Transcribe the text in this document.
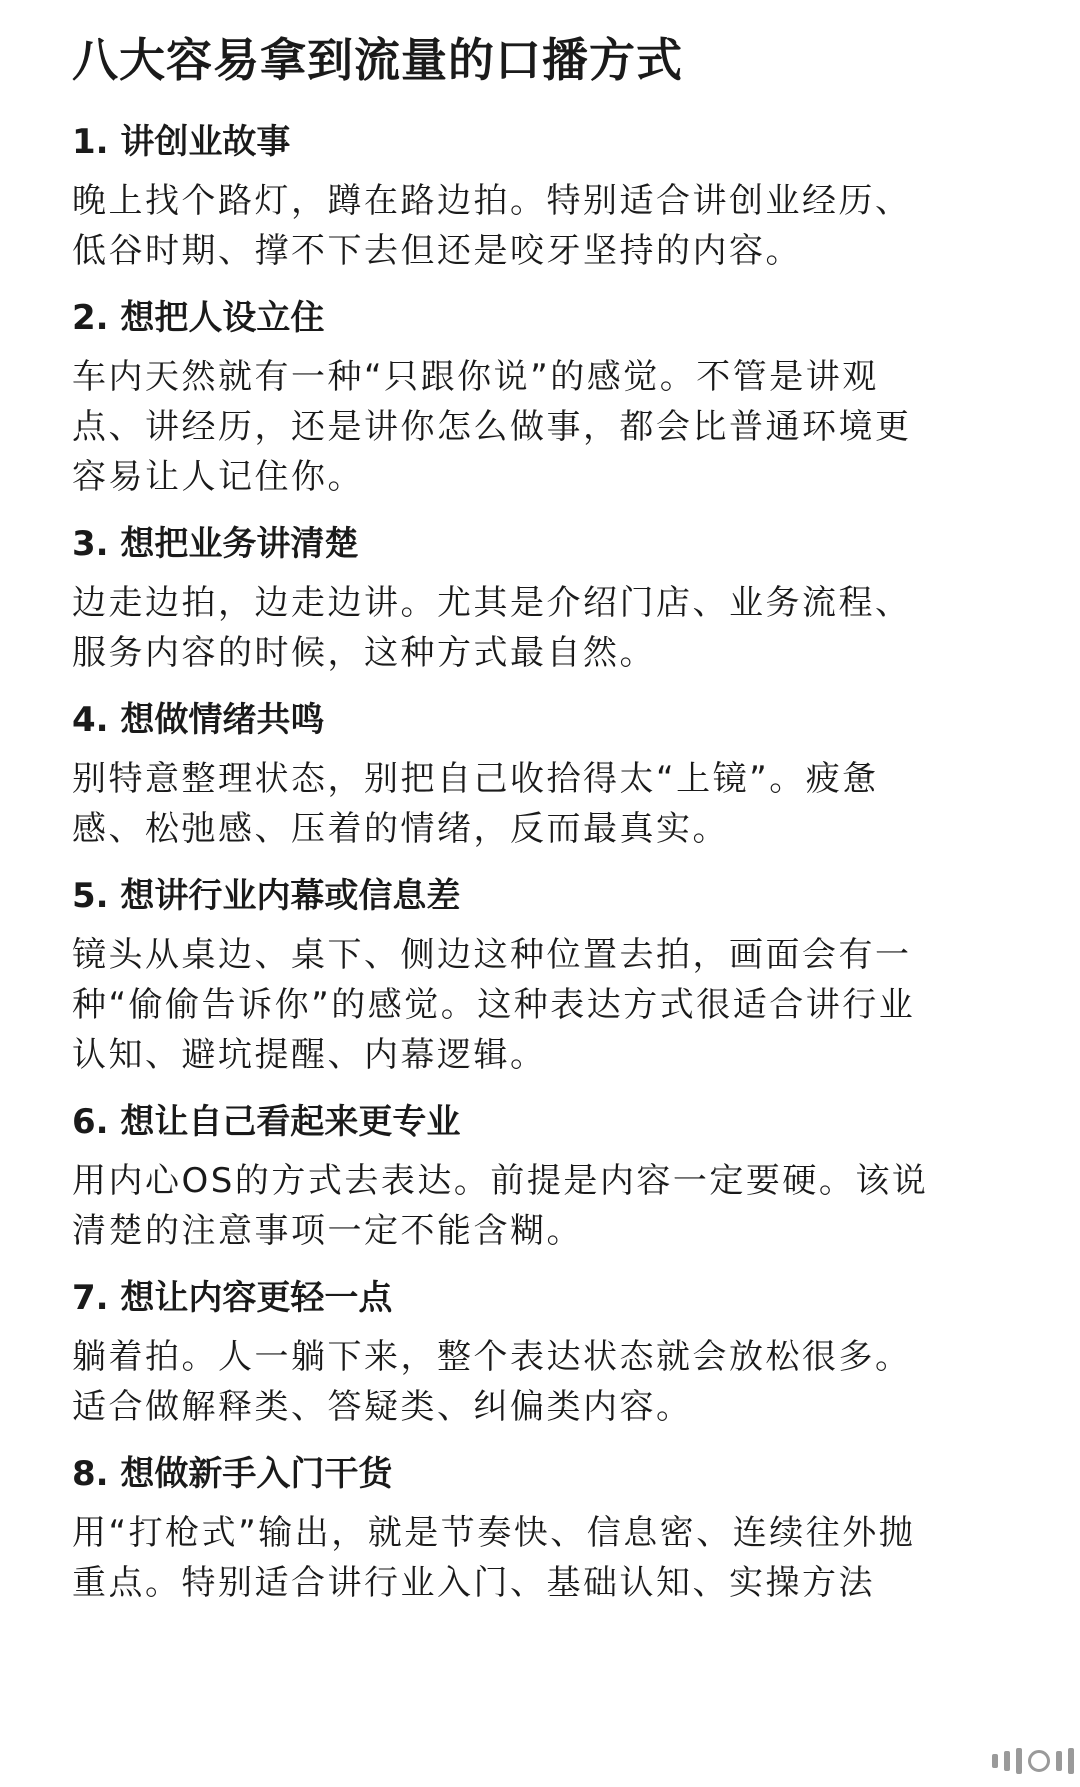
八大容易拿到流量的口播方式
1. 讲创业故事
晚上找个路灯，蹲在路边拍。特别适合讲创业经历、
低谷时期、撑不下去但还是咬牙坚持的内容。
2. 想把人设立住
车内天然就有一种“只跟你说”的感觉。不管是讲观
点、讲经历，还是讲你怎么做事，都会比普通环境更
容易让人记住你。
3. 想把业务讲清楚
边走边拍，边走边讲。尤其是介绍门店、业务流程、
服务内容的时候，这种方式最自然。
4. 想做情绪共鸣
别特意整理状态，别把自己收拾得太“上镜”。疲惫
感、松弛感、压着的情绪，反而最真实。
5. 想讲行业内幕或信息差
镜头从桌边、桌下、侧边这种位置去拍，画面会有一
种“偷偷告诉你”的感觉。这种表达方式很适合讲行业
认知、避坑提醒、内幕逻辑。
6. 想让自己看起来更专业
用内心OS的方式去表达。前提是内容一定要硬。该说
清楚的注意事项一定不能含糊。
7. 想让内容更轻一点
躺着拍。人一躺下来，整个表达状态就会放松很多。
适合做解释类、答疑类、纠偏类内容。
8. 想做新手入门干货
用“打枪式”输出，就是节奏快、信息密、连续往外抛
重点。特别适合讲行业入门、基础认知、实操方法
